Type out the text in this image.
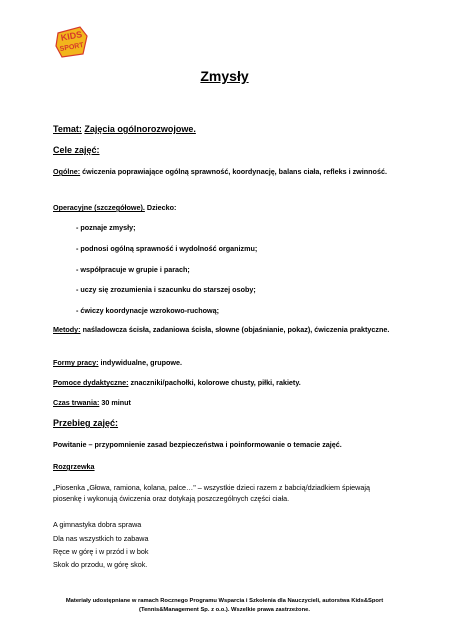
KIDS
SPORT
Zmysły
Temat: Zajęcia ogólnorozwojowe.
Cele zajęć:
Ogólne: ćwiczenia poprawiające ogólną sprawność, koordynację, balans ciała, refleks i zwinność.
Operacyjne (szczegółowe). Dziecko:
- poznaje zmysły;
- podnosi ogólną sprawność i wydolność organizmu;
- współpracuje w grupie i parach;
- uczy się zrozumienia i szacunku do starszej osoby;
- ćwiczy koordynacje wzrokowo-ruchową;
Metody: naśladowcza ścisła, zadaniowa ścisła, słowne (objaśnianie, pokaz), ćwiczenia praktyczne.
Formy pracy: indywidualne, grupowe.
Pomoce dydaktyczne: znaczniki/pachołki, kolorowe chusty, piłki, rakiety.
Czas trwania: 30 minut
Przebieg zajęć:
Powitanie – przypomnienie zasad bezpieczeństwa i poinformowanie o temacie zajęć.
Rozgrzewka
„Piosenka „Głowa, ramiona, kolana, palce…" – wszystkie dzieci razem z babcią/dziadkiem śpiewają piosenkę i wykonują ćwiczenia oraz dotykają poszczególnych części ciała.
A gimnastyka dobra sprawa
Dla nas wszystkich to zabawa
Ręce w górę i w przód i w bok
Skok do przodu, w górę skok.
Materiały udostępniane w ramach Rocznego Programu Wsparcia i Szkolenia dla Nauczycieli, autorstwa Kids&Sport
(Tennis&Management Sp. z o.o.). Wszelkie prawa zastrzeżone.
